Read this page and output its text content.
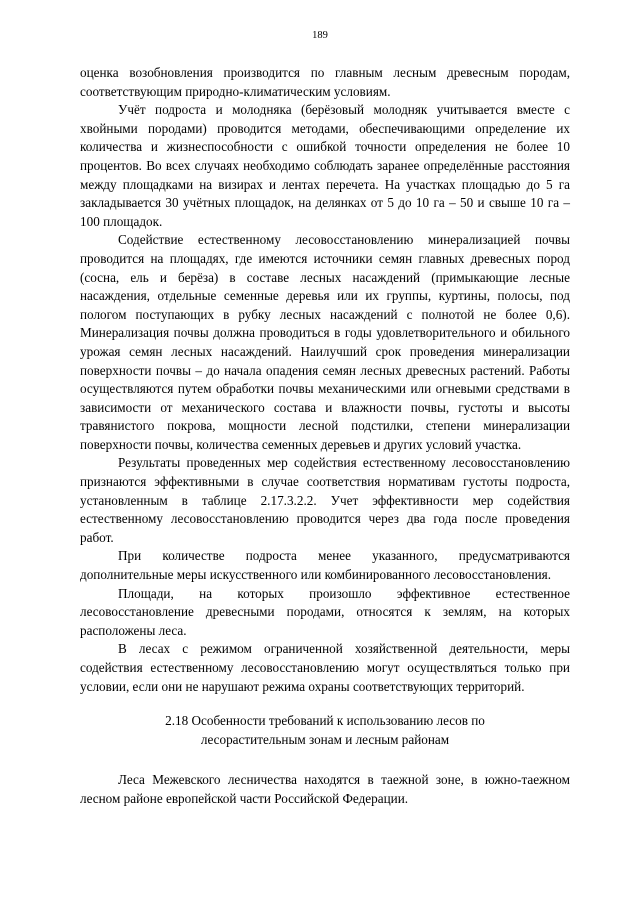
189

оценка возобновления производится по главным лесным древесным породам, соответствующим природно-климатическим условиям.

Учёт подроста и молодняка (берёзовый молодняк учитывается вместе с хвойными породами) проводится методами, обеспечивающими определение их количества и жизнеспособности с ошибкой точности определения не более 10 процентов. Во всех случаях необходимо соблюдать заранее определённые расстояния между площадками на визирах и лентах перечета. На участках площадью до 5 га закладывается 30 учётных площадок, на делянках от 5 до 10 га – 50 и свыше 10 га – 100 площадок.

Содействие естественному лесовосстановлению минерализацией почвы проводится на площадях, где имеются источники семян главных древесных пород (сосна, ель и берёза) в составе лесных насаждений (примыкающие лесные насаждения, отдельные семенные деревья или их группы, куртины, полосы, под пологом поступающих в рубку лесных насаждений с полнотой не более 0,6). Минерализация почвы должна проводиться в годы удовлетворительного и обильного урожая семян лесных насаждений. Наилучший срок проведения минерализации поверхности почвы – до начала опадения семян лесных древесных растений. Работы осуществляются путем обработки почвы механическими или огневыми средствами в зависимости от механического состава и влажности почвы, густоты и высоты травянистого покрова, мощности лесной подстилки, степени минерализации поверхности почвы, количества семенных деревьев и других условий участка.

Результаты проведенных мер содействия естественному лесовосстановлению признаются эффективными в случае соответствия нормативам густоты подроста, установленным в таблице 2.17.3.2.2. Учет эффективности мер содействия естественному лесовосстановлению проводится через два года после проведения работ.

При количестве подроста менее указанного, предусматриваются дополнительные меры искусственного или комбинированного лесовосстановления.

Площади, на которых произошло эффективное естественное лесовосстановление древесными породами, относятся к землям, на которых расположены леса.

В лесах с режимом ограниченной хозяйственной деятельности, меры содействия естественному лесовосстановлению могут осуществляться только при условии, если они не нарушают режима охраны соответствующих территорий.

2.18 Особенности требований к использованию лесов по
лесорастительным зонам и лесным районам

Леса Межевского лесничества находятся в таежной зоне, в южно-таежном лесном районе европейской части Российской Федерации.
